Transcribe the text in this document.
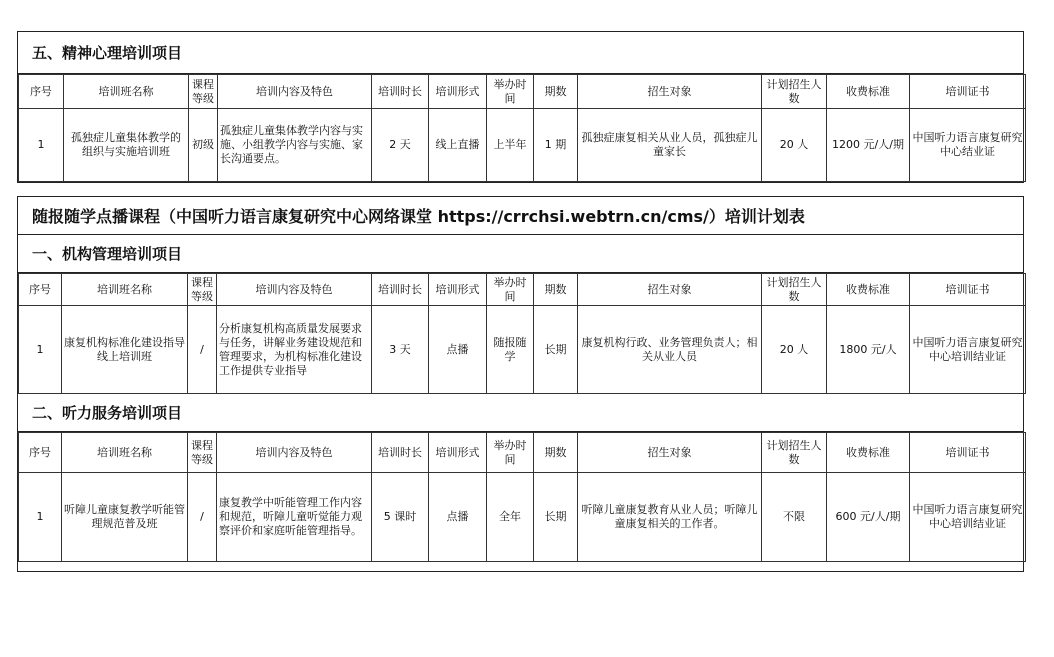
五、精神心理培训项目
序号	培训班名称	课程等级	培训内容及特色	培训时长	培训形式	举办时间	期数	招生对象	计划招生人数	收费标准	培训证书
1	孤独症儿童集体教学的组织与实施培训班	初级	孤独症儿童集体教学内容与实施、小组教学内容与实施、家长沟通要点。	2 天	线上直播	上半年	1 期	孤独症康复相关从业人员，孤独症儿童家长	20 人	1200 元/人/期	中国听力语言康复研究中心结业证
随报随学点播课程（中国听力语言康复研究中心网络课堂 https://crrchsi.webtrn.cn/cms/）培训计划表
一、机构管理培训项目
序号	培训班名称	课程等级	培训内容及特色	培训时长	培训形式	举办时间	期数	招生对象	计划招生人数	收费标准	培训证书
1	康复机构标准化建设指导线上培训班	/	分析康复机构高质量发展要求与任务，讲解业务建设规范和管理要求，为机构标准化建设工作提供专业指导	3 天	点播	随报随学	长期	康复机构行政、业务管理负责人；相关从业人员	20 人	1800 元/人	中国听力语言康复研究中心培训结业证
二、听力服务培训项目
序号	培训班名称	课程等级	培训内容及特色	培训时长	培训形式	举办时间	期数	招生对象	计划招生人数	收费标准	培训证书
1	听障儿童康复教学听能管理规范普及班	/	康复教学中听能管理工作内容和规范，听障儿童听觉能力观察评价和家庭听能管理指导。	5 课时	点播	全年	长期	听障儿童康复教育从业人员；听障儿童康复相关的工作者。	不限	600 元/人/期	中国听力语言康复研究中心培训结业证
